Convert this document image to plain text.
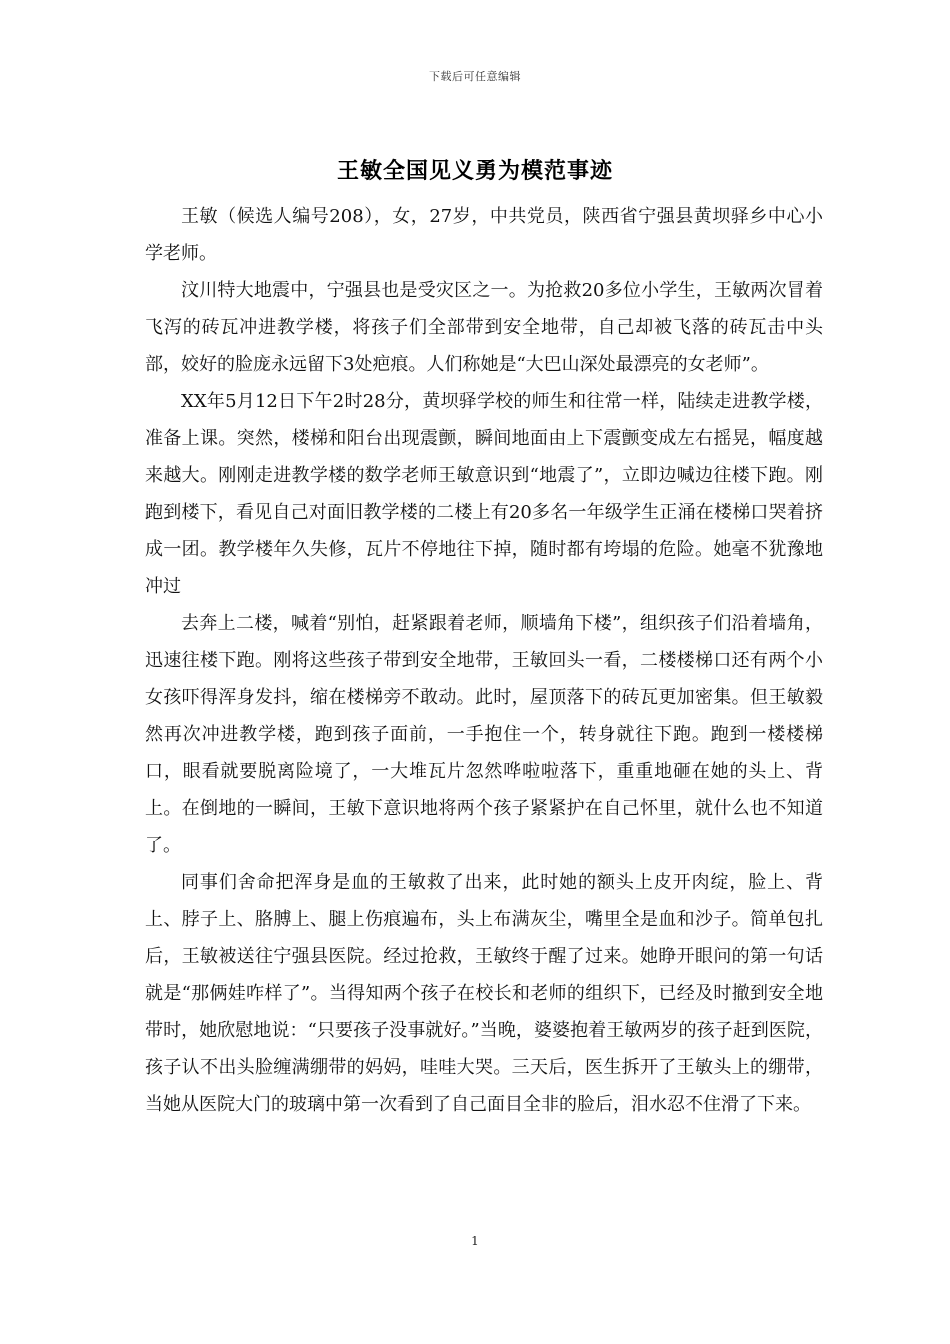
下载后可任意编辑
王敏全国见义勇为模范事迹

王敏（候选人编号208），女，27岁，中共党员，陕西省宁强县黄坝驿乡中心小学老师。

汶川特大地震中，宁强县也是受灾区之一。为抢救20多位小学生，王敏两次冒着飞泻的砖瓦冲进教学楼，将孩子们全部带到安全地带，自己却被飞落的砖瓦击中头部，姣好的脸庞永远留下3处疤痕。人们称她是“大巴山深处最漂亮的女老师”。

XX年5月12日下午2时28分，黄坝驿学校的师生和往常一样，陆续走进教学楼，准备上课。突然，楼梯和阳台出现震颤，瞬间地面由上下震颤变成左右摇晃，幅度越来越大。刚刚走进教学楼的数学老师王敏意识到“地震了”，立即边喊边往楼下跑。刚跑到楼下，看见自己对面旧教学楼的二楼上有20多名一年级学生正涌在楼梯口哭着挤成一团。教学楼年久失修，瓦片不停地往下掉，随时都有垮塌的危险。她毫不犹豫地冲过

去奔上二楼，喊着“别怕，赶紧跟着老师，顺墙角下楼”，组织孩子们沿着墙角，迅速往楼下跑。刚将这些孩子带到安全地带，王敏回头一看，二楼楼梯口还有两个小女孩吓得浑身发抖，缩在楼梯旁不敢动。此时，屋顶落下的砖瓦更加密集。但王敏毅然再次冲进教学楼，跑到孩子面前，一手抱住一个，转身就往下跑。跑到一楼楼梯口，眼看就要脱离险境了，一大堆瓦片忽然哗啦啦落下，重重地砸在她的头上、背上。在倒地的一瞬间，王敏下意识地将两个孩子紧紧护在自己怀里，就什么也不知道了。

同事们舍命把浑身是血的王敏救了出来，此时她的额头上皮开肉绽，脸上、背上、脖子上、胳膊上、腿上伤痕遍布，头上布满灰尘，嘴里全是血和沙子。简单包扎后，王敏被送往宁强县医院。经过抢救，王敏终于醒了过来。她睁开眼问的第一句话就是“那俩娃咋样了”。当得知两个孩子在校长和老师的组织下，已经及时撤到安全地带时，她欣慰地说：“只要孩子没事就好。”当晚，婆婆抱着王敏两岁的孩子赶到医院，孩子认不出头脸缠满绷带的妈妈，哇哇大哭。三天后，医生拆开了王敏头上的绷带，当她从医院大门的玻璃中第一次看到了自己面目全非的脸后，泪水忍不住滑了下来。

1
